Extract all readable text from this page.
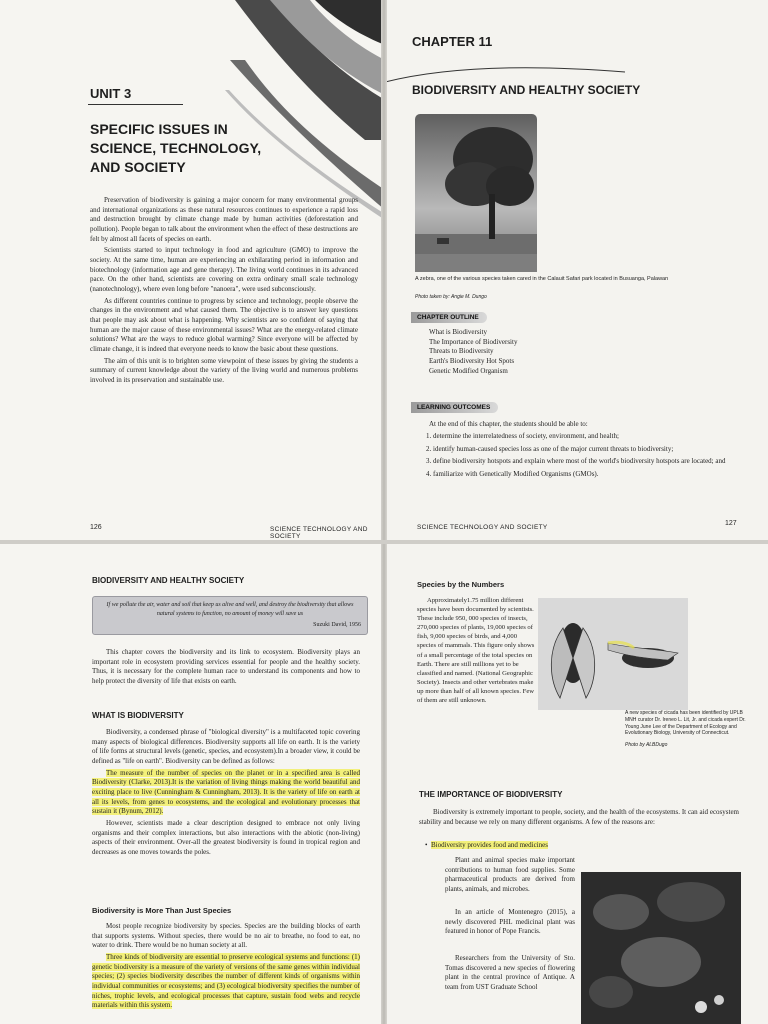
UNIT 3
SPECIFIC ISSUES IN SCIENCE, TECHNOLOGY, AND SOCIETY

Preservation of biodiversity is gaining a major concern for many environmental groups and international organizations as these natural resources continues to experience a rapid loss and destruction brought by climate change made by human activities (deforestation and pollution). People began to talk about the environment when the effect of these destructions are felt by almost all facets of species on earth.

Scientists started to input technology in food and agriculture (GMO) to improve the society. At the same time, human are experiencing an exhilarating period in information and biotechnology (information age and gene therapy). The living world continues in its advanced pace. On the other hand, scientists are covering on extra ordinary small scale technology (nanotechnology), where even long before "nanoera", were used subconsciously.

As different countries continue to progress by science and technology, people observe the changes in the environment and what caused them. The objective is to answer key questions that people may ask about what is happening. Why scientists are so confident of saying that human are the major cause of these environmental issues? What are the energy-related climate solutions? What are the ways to reduce global warming? Since everyone will be affected by climate change, it is indeed that everyone needs to know the basic about these questions.

The aim of this unit is to brighten some viewpoint of these issues by giving the students a summary of current knowledge about the variety of the living world and numerous problems involved in its preservation and sustainable use.

126	SCIENCE TECHNOLOGY AND SOCIETY
CHAPTER 11
BIODIVERSITY AND HEALTHY SOCIETY
A zebra, one of the various species taken cared in the Calauit Safari park located in Busuanga, Palawan
Photo taken by: Angie M. Dungo
CHAPTER OUTLINE
What is Biodiversity
The Importance of Biodiversity
Threats to Biodiversity
Earth's Biodiversity Hot Spots
Genetic Modified Organism
LEARNING OUTCOMES
At the end of this chapter, the students should be able to:
1. determine the interrelatedness of society, environment, and health;
2. identify human-caused species loss as one of the major current threats to biodiversity;
3. define biodiversity hotspots and explain where most of the world's biodiversity hotspots are located; and
4. familiarize with Genetically Modified Organisms (GMOs).
SCIENCE TECHNOLOGY AND SOCIETY
127
BIODIVERSITY AND HEALTHY SOCIETY
If we pollute the air, water and soil that keep us alive and well, and destroy the biodiversity that allows natural systems to function, no amount of money will save us
Suzuki David, 1956
This chapter covers the biodiversity and its link to ecosystem. Biodiversity plays an important role in ecosystem providing services essential for people and the healthy society. Thus, it is necessary for the complete human race to understand its components and how to help protect the diversity of life that exists on earth.
WHAT IS BIODIVERSITY

Biodiversity, a condensed phrase of "biological diversity" is a multifaceted topic covering many aspects of biological differences. Biodiversity supports all life on earth. It is the variety of life forms at structural levels (genetic, species, and ecosystem).In a broader view, it could be defined as "life on earth". Biodiversity can be defined as follows:

The measure of the number of species on the planet or in a specified area is called Biodiversity (Clarke, 2013).It is the variation of living things making the world beautiful and exciting place to live (Cunningham & Cunningham, 2013). It is the variety of life on earth at all its levels, from genes to ecosystems, and the ecological and evolutionary processes that sustain it (Bynum, 2012).

However, scientists made a clear description designed to embrace not only living organisms and their complex interactions, but also interactions with the abiotic (non-living) aspects of their environment. Over-all the greatest biodiversity is found in tropical region and decreases as one moves towards the poles.

Biodiversity is More Than Just Species

Most people recognize biodiversity by species. Species are the building blocks of earth that supports systems. Without species, there would be no air to breathe, no food to eat, no water to drink. There would be no human society at all.

Three kinds of biodiversity are essential to preserve ecological systems and functions: (1) genetic biodiversity is a measure of the variety of versions of the same genes within individual species; (2) species biodiversity describes the number of different kinds of organisms within individual communities or ecosystems; and (3) ecological biodiversity specifies the number of niches, trophic levels, and ecological processes that capture, sustain food webs and recycle materials within this system.

Species by the Numbers
Approximately1.75 million different species have been documented by scientists. These include 950, 000 species of insects, 270,000 species of plants, 19,000 species of fish, 9,000 species of birds, and 4,000 species of mammals. This figure only shows of a small percentage of the total species on Earth. There are still millions yet to be classified and named. (National Geographic Society). Insects and other vertebrates make up more than half of all known species. Few of them are still unknown.
A new species of cicada has been identified by UPLB MNH curator Dr. Ireneo L. Lit, Jr. and cicada expert Dr. Young June Lee of the Department of Ecology and Evolutionary Biology, University of Connecticut.
Photo by ALBDugo
THE IMPORTANCE OF BIODIVERSITY
Biodiversity is extremely important to people, society, and the health of the ecosystems. It can aid ecosystem stability and because we rely on many different organisms. A few of the reasons are:
•  Biodiversity provides food and medicines
Plant and animal species make important contributions to human food supplies. Some pharmaceutical products are derived from plants, animals, and microbes.
In an article of Montenegro (2015), a newly discovered PHL medicinal plant was featured in honor of Pope Francis.
Researchers from the University of Sto. Tomas discovered a new species of flowering plant in the central province of Antique. A team from UST Graduate School
